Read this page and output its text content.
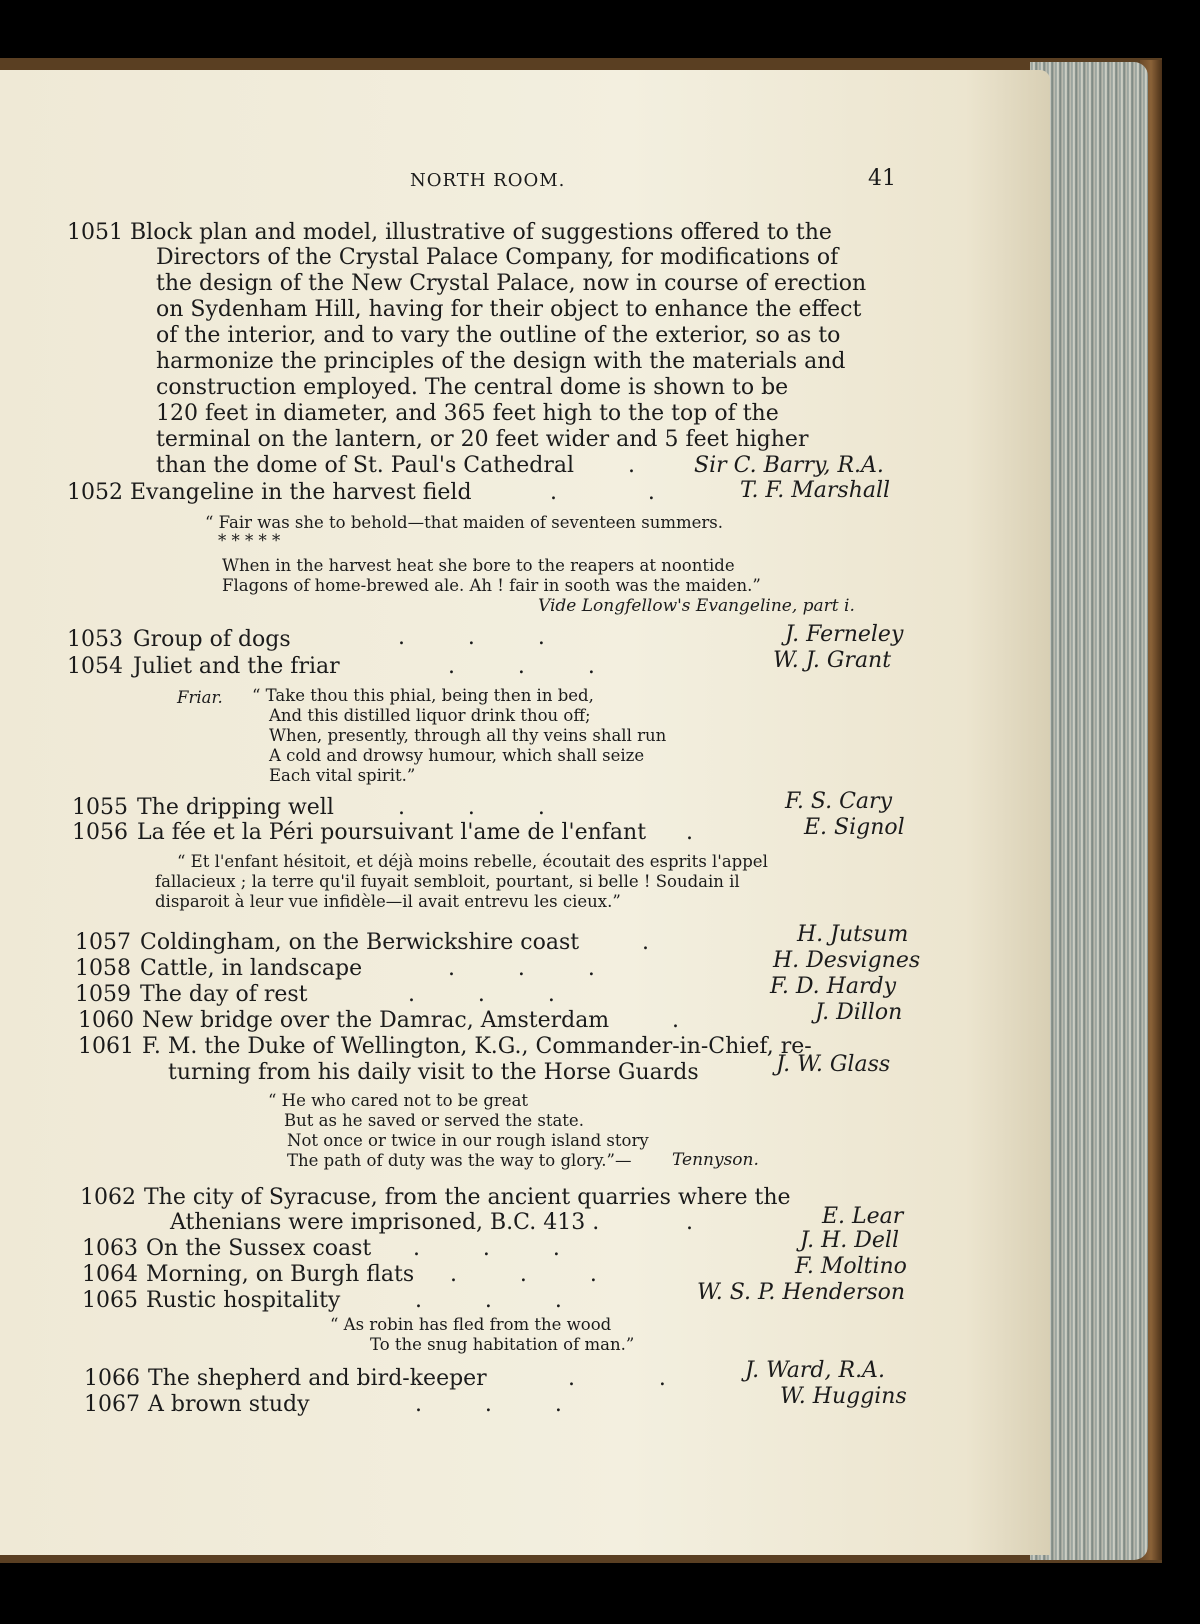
NORTH ROOM.	41
1051 Block plan and model, illustrative of suggestions offered to the
Directors of the Crystal Palace Company, for modifications of
the design of the New Crystal Palace, now in course of erection
on Sydenham Hill, having for their object to enhance the effect
of the interior, and to vary the outline of the exterior, so as to
harmonize the principles of the design with the materials and
construction employed. The central dome is shown to be
120 feet in diameter, and 365 feet high to the top of the
terminal on the lantern, or 20 feet wider and 5 feet higher
than the dome of St. Paul's Cathedral .	Sir C. Barry, R.A.
1052 Evangeline in the harvest field	.             .	T. F. Marshall
“ Fair was she to behold—that maiden of seventeen summers.
* * * * *
When in the harvest heat she bore to the reapers at noontide
Flagons of home-brewed ale. Ah ! fair in sooth was the maiden.”
Vide Longfellow's Evangeline, part i.
1053 Group of dogs	.         .         .	J. Ferneley
1054 Juliet and the friar	.         .         .	W. J. Grant
Friar. “ Take thou this phial, being then in bed,
And this distilled liquor drink thou off;
When, presently, through all thy veins shall run
A cold and drowsy humour, which shall seize
Each vital spirit.”
1055 The dripping well	.         .         .	F. S. Cary
1056 La fée et la Péri poursuivant l'ame de l'enfant .	E. Signol
“ Et l'enfant hésitoit, et déjà moins rebelle, écoutait des esprits l'appel
fallacieux ; la terre qu'il fuyait sembloit, pourtant, si belle ! Soudain il
disparoit à leur vue infidèle—il avait entrevu les cieux.”
1057 Coldingham, on the Berwickshire coast	.	H. Jutsum
1058 Cattle, in landscape	.         .         .	H. Desvignes
1059 The day of rest	.         .         .	F. D. Hardy
1060 New bridge over the Damrac, Amsterdam	.	J. Dillon
1061 F. M. the Duke of Wellington, K.G., Commander-in-Chief, re-
turning from his daily visit to the Horse Guards	J. W. Glass
“ He who cared not to be great
But as he saved or served the state.
Not once or twice in our rough island story
The path of duty was the way to glory.”— Tennyson.
1062 The city of Syracuse, from the ancient quarries where the
Athenians were imprisoned, B.C. 413 .	.	E. Lear
1063 On the Sussex coast .         .         .	J. H. Dell
1064 Morning, on Burgh flats .         .         .	F. Moltino
1065 Rustic hospitality	.         .         .	W. S. P. Henderson
“ As robin has fled from the wood
To the snug habitation of man.”
1066 The shepherd and bird-keeper	.            .	J. Ward, R.A.
1067 A brown study	.         .         .	W. Huggins
